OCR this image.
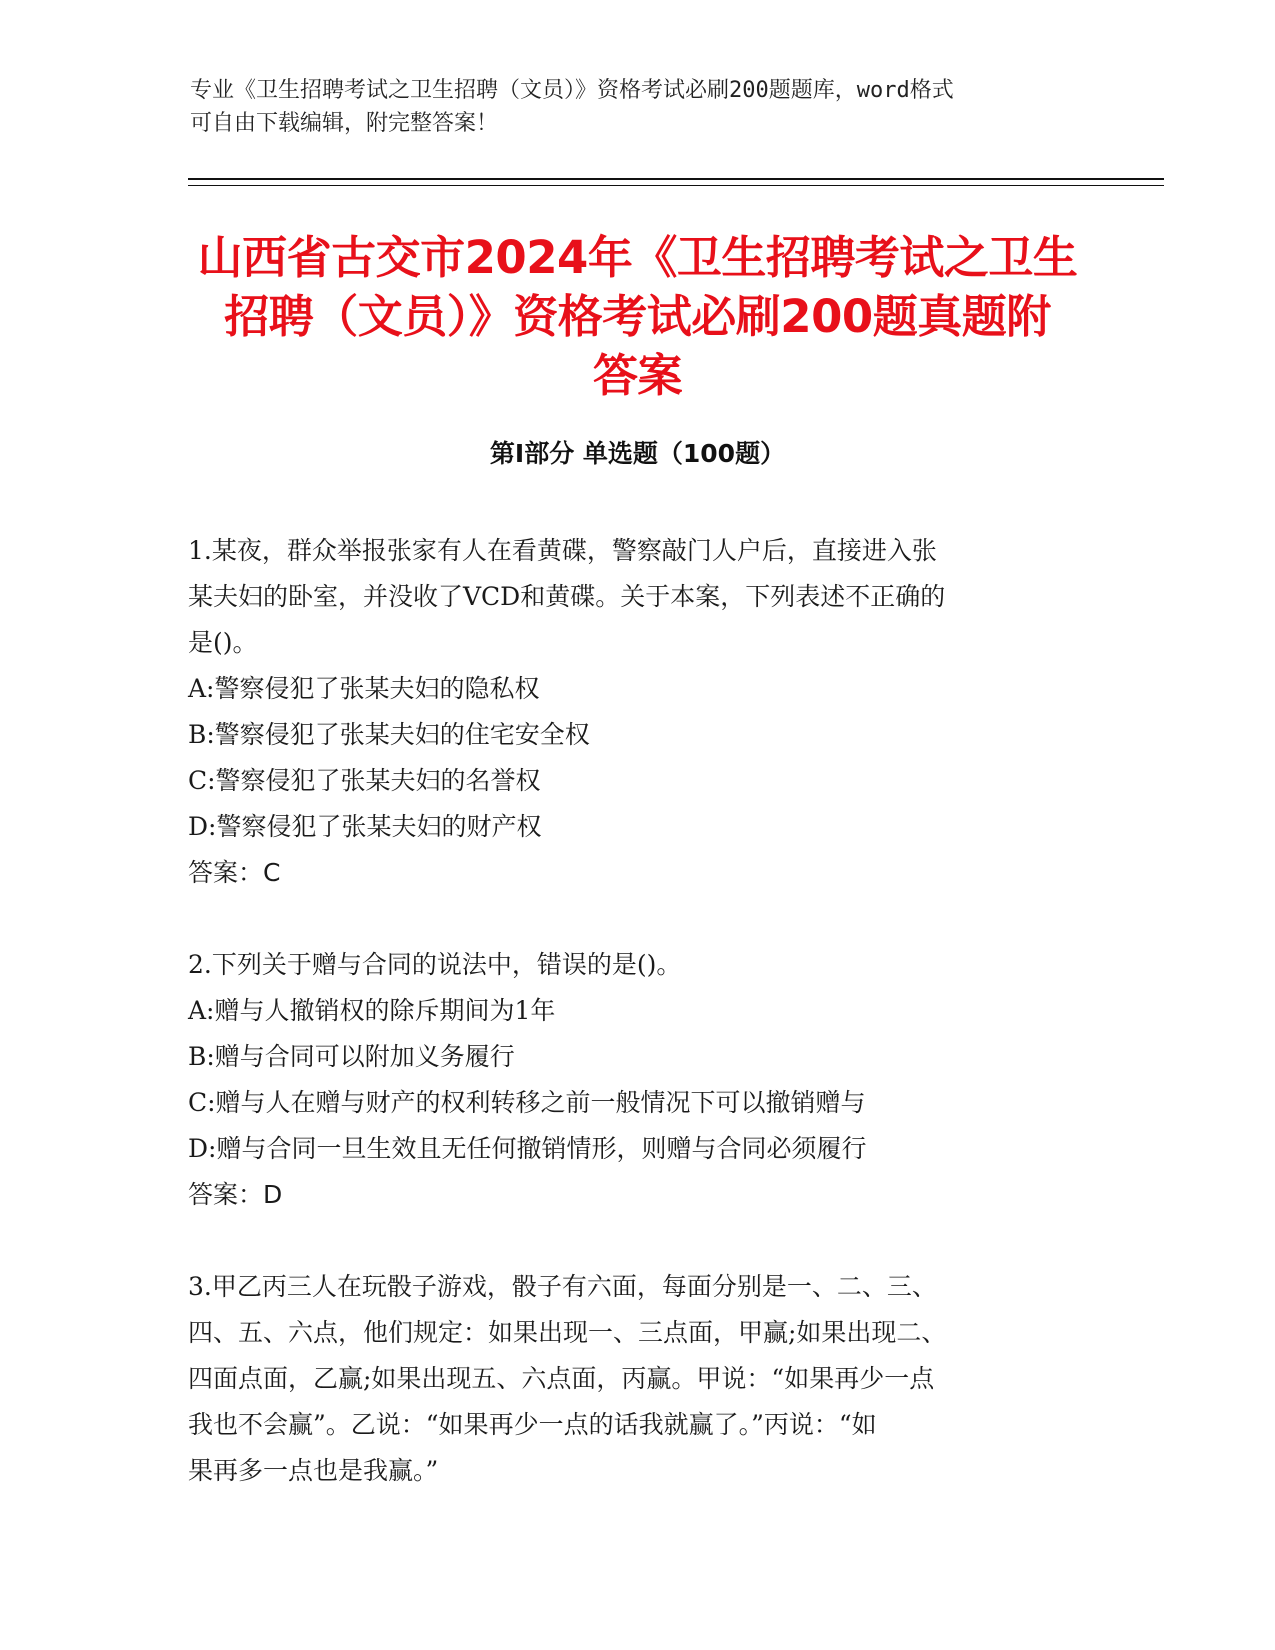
专业《卫生招聘考试之卫生招聘（文员）》资格考试必刷200题题库，word格式
可自由下载编辑，附完整答案！
山西省古交市2024年《卫生招聘考试之卫生
招聘（文员）》资格考试必刷200题真题附
答案
第Ⅰ部分 单选题（100题）
1.某夜，群众举报张家有人在看黄碟，警察敲门人户后，直接进入张
某夫妇的卧室，并没收了VCD和黄碟。关于本案，下列表述不正确的
是()。
A:警察侵犯了张某夫妇的隐私权
B:警察侵犯了张某夫妇的住宅安全权
C:警察侵犯了张某夫妇的名誉权
D:警察侵犯了张某夫妇的财产权
答案：C
2.下列关于赠与合同的说法中，错误的是()。
A:赠与人撤销权的除斥期间为1年
B:赠与合同可以附加义务履行
C:赠与人在赠与财产的权利转移之前一般情况下可以撤销赠与
D:赠与合同一旦生效且无任何撤销情形，则赠与合同必须履行
答案：D
3.甲乙丙三人在玩骰子游戏，骰子有六面，每面分别是一、二、三、
四、五、六点，他们规定：如果出现一、三点面，甲赢;如果出现二、
四面点面，乙赢;如果出现五、六点面，丙赢。甲说：“如果再少一点
我也不会赢”。乙说：“如果再少一点的话我就赢了。”丙说：“如
果再多一点也是我赢。”
